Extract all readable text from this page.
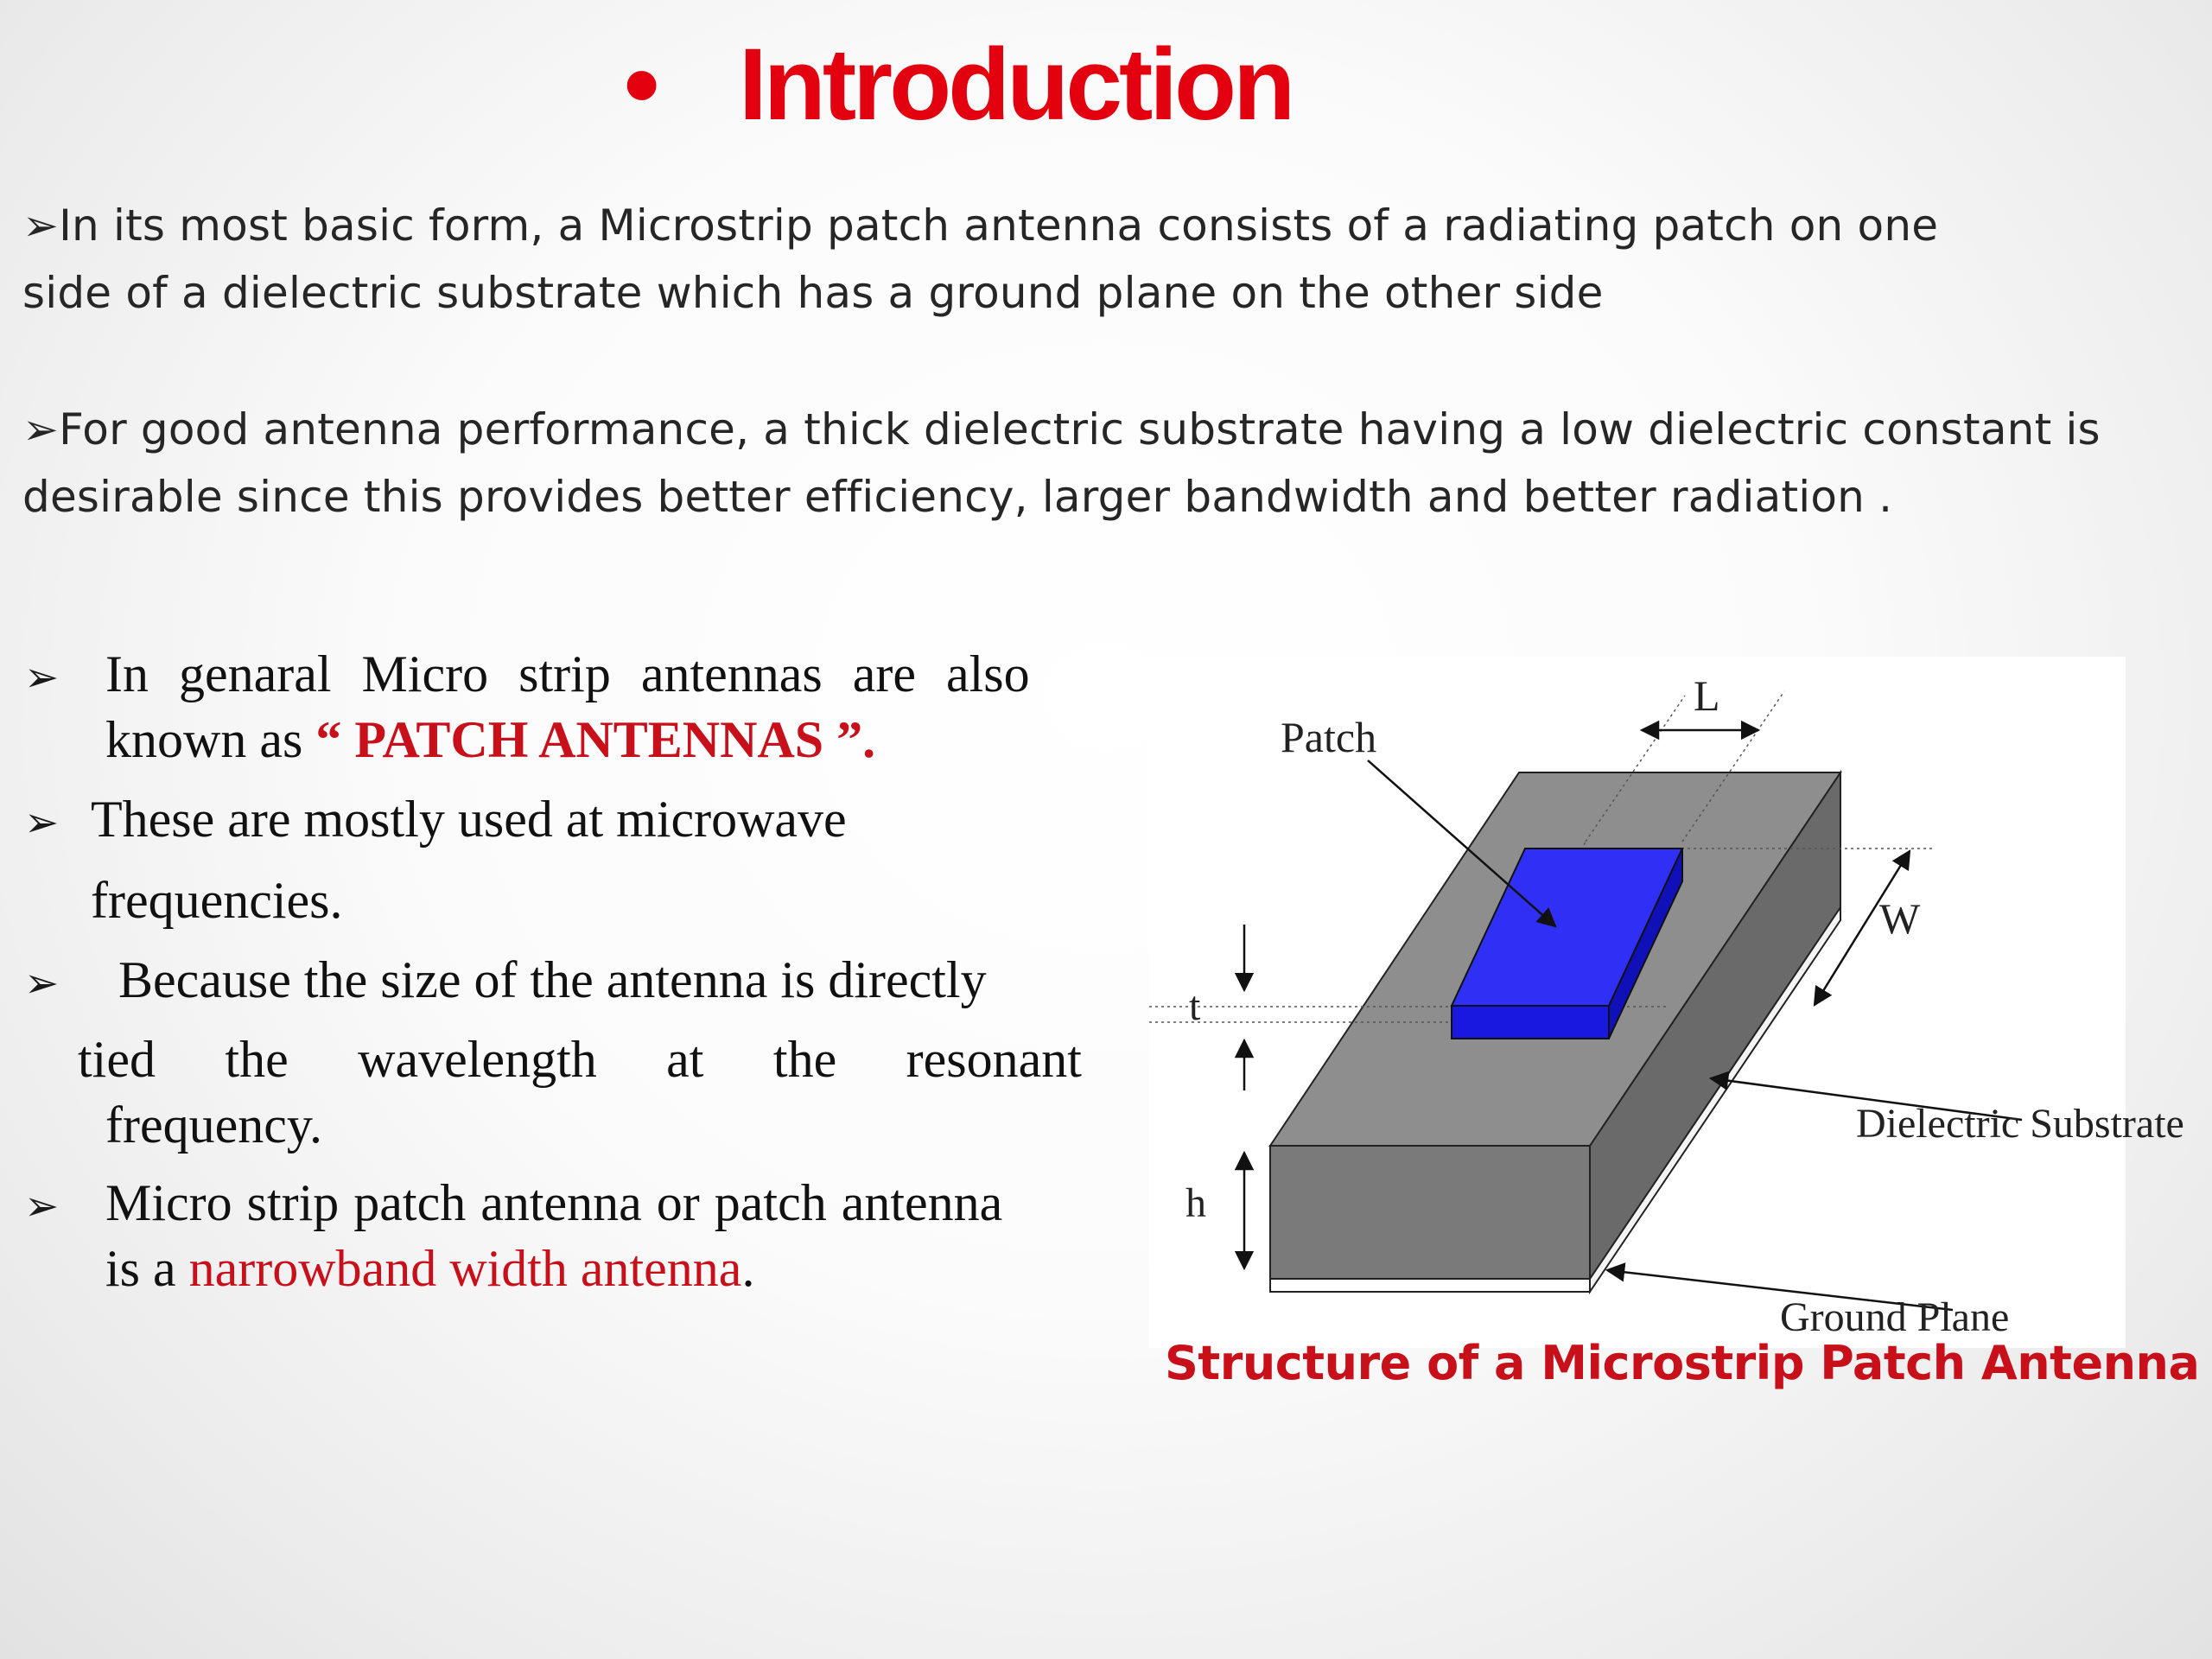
• Introduction
➢In its most basic form, a Microstrip patch antenna consists of a radiating patch on one
side of a dielectric substrate which has a ground plane on the other side
➢For good antenna performance, a thick dielectric substrate having a low dielectric constant is
desirable since this provides better efficiency, larger bandwidth and better radiation .
➢ In genaral Micro strip antennas are also
known as “ PATCH ANTENNAS ”.
➢ These are mostly used at microwave
frequencies.
➢ Because the size of the antenna is directly
tied the wavelength at the resonant
frequency.
➢ Micro strip patch antenna or patch antenna
is a narrowband width antenna.
Patch
L
W
t
h
Dielectric Substrate
Ground Plane
Structure of a Microstrip Patch Antenna
